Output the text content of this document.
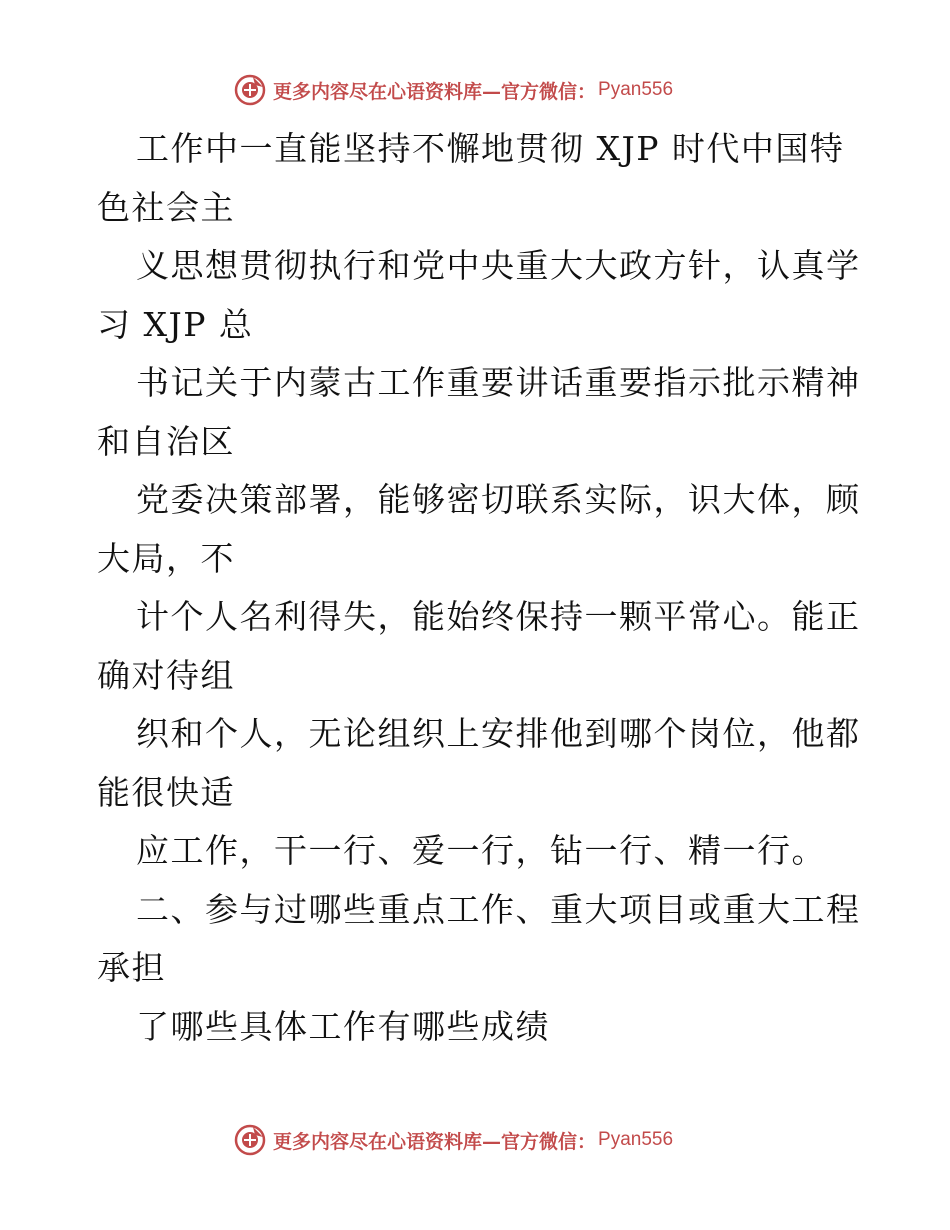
更多内容尽在心语资料库—官方微信： Pyan556
工作中一直能坚持不懈地贯彻 XJP 时代中国特
色社会主
义思想贯彻执行和党中央重大大政方针，认真学
习 XJP 总
书记关于内蒙古工作重要讲话重要指示批示精神
和自治区
党委决策部署，能够密切联系实际，识大体，顾
大局，不
计个人名利得失，能始终保持一颗平常心。能正
确对待组
织和个人，无论组织上安排他到哪个岗位，他都
能很快适
应工作，干一行、爱一行，钻一行、精一行。
二、参与过哪些重点工作、重大项目或重大工程
承担
了哪些具体工作有哪些成绩
更多内容尽在心语资料库—官方微信： Pyan556
